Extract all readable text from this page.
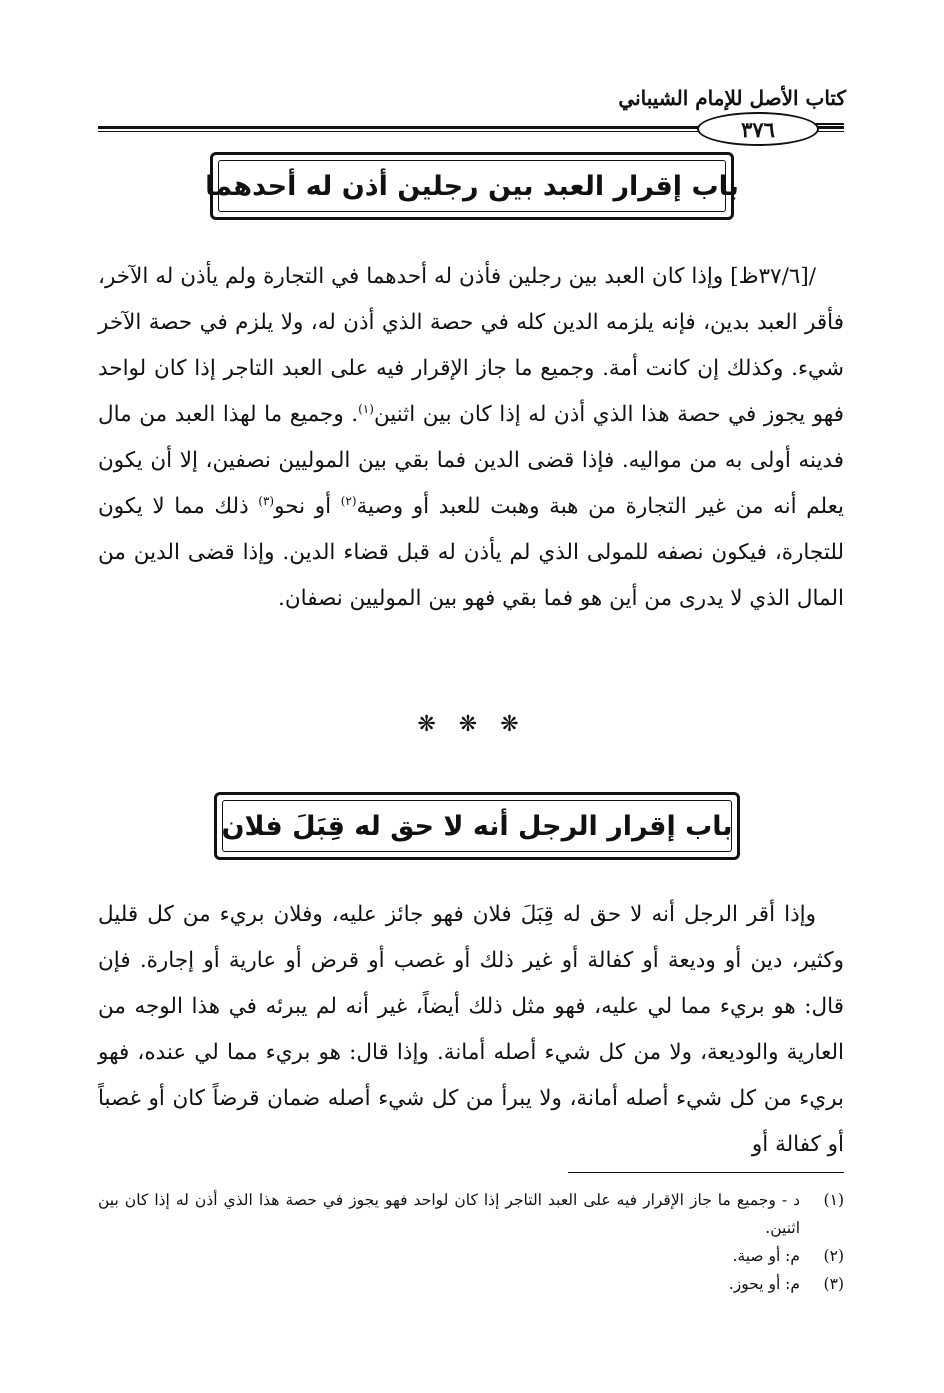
كتاب الأصل للإمام الشيباني
٣٧٦
باب إقرار العبد بين رجلين أذن له أحدهما

/[٣٧/٦ظ] وإذا كان العبد بين رجلين فأذن له أحدهما في التجارة ولم يأذن له الآخر، فأقر العبد بدين، فإنه يلزمه الدين كله في حصة الذي أذن له، ولا يلزم في حصة الآخر شيء. وكذلك إن كانت أمة. وجميع ما جاز الإقرار فيه على العبد التاجر إذا كان لواحد فهو يجوز في حصة هذا الذي أذن له إذا كان بين اثنين$^{(١)}$. وجميع ما لهذا العبد من مال فدينه أولى به من مواليه. فإذا قضى الدين فما بقي بين الموليين نصفين، إلا أن يكون يعلم أنه من غير التجارة من هبة وهبت للعبد أو وصية$^{(٢)}$ أو نحو$^{(٣)}$ ذلك مما لا يكون للتجارة، فيكون نصفه للمولى الذي لم يأذن له قبل قضاء الدين. وإذا قضى الدين من المال الذي لا يدرى من أين هو فما بقي فهو بين الموليين نصفان.

❋ ❋ ❋
باب إقرار الرجل أنه لا حق له قِبَلَ فلان

وإذا أقر الرجل أنه لا حق له قِبَلَ فلان فهو جائز عليه، وفلان بريء من كل قليل وكثير، دين أو وديعة أو كفالة أو غير ذلك أو غصب أو قرض أو عارية أو إجارة. فإن قال: هو بريء مما لي عليه، فهو مثل ذلك أيضاً، غير أنه لم يبرئه في هذا الوجه من العارية والوديعة، ولا من كل شيء أصله أمانة. وإذا قال: هو بريء مما لي عنده، فهو بريء من كل شيء أصله أمانة، ولا يبرأ من كل شيء أصله ضمان قرضاً كان أو غصباً أو كفالة أو

(١)
د - وجميع ما جاز الإقرار فيه على العبد التاجر إذا كان لواحد فهو يجوز في حصة هذا الذي أذن له إذا كان بين اثنين.
(٢)
م: أو صية.
(٣)
م: أو يحوز.
